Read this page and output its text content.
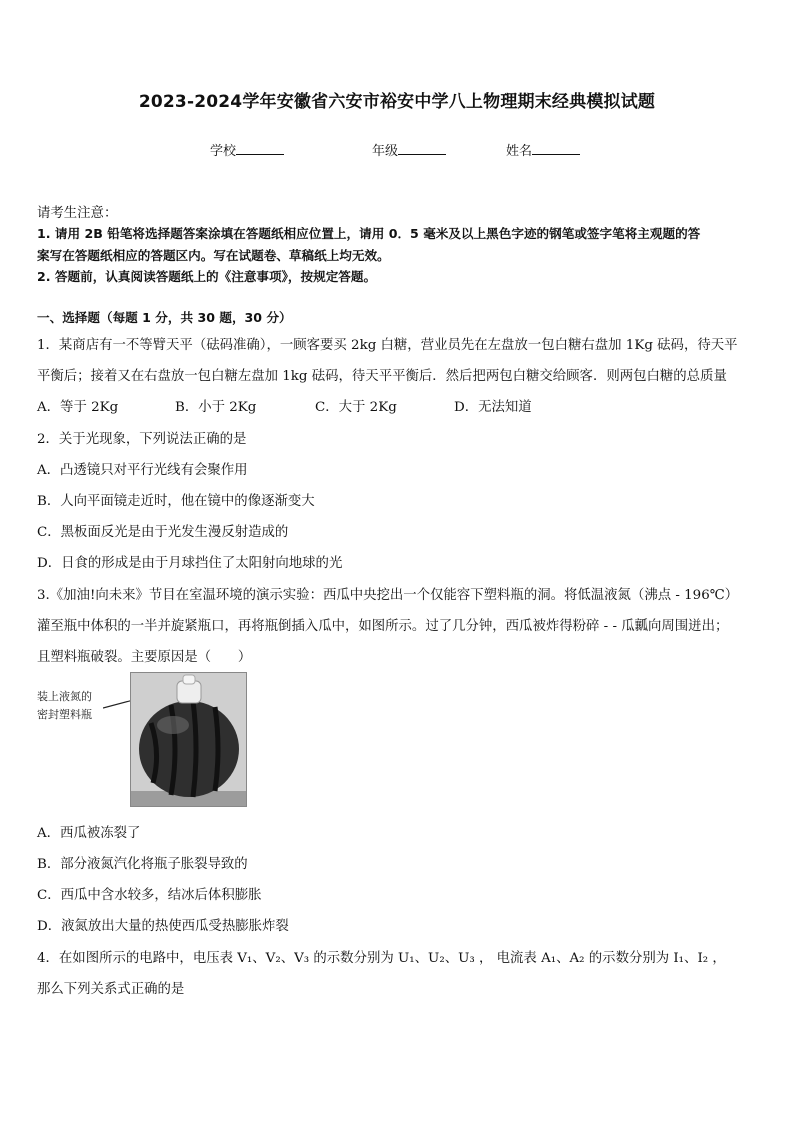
2023-2024学年安徽省六安市裕安中学八上物理期末经典模拟试题
学校	年级	姓名
请考生注意：
1. 请用 2B 铅笔将选择题答案涂填在答题纸相应位置上，请用 0．5 毫米及以上黑色字迹的钢笔或签字笔将主观题的答
案写在答题纸相应的答题区内。写在试题卷、草稿纸上均无效。
2. 答题前，认真阅读答题纸上的《注意事项》，按规定答题。
一、选择题（每题 1 分，共 30 题，30 分）
1．某商店有一不等臂天平（砝码准确），一顾客要买 2kg 白糖，营业员先在左盘放一包白糖右盘加 1Kg 砝码，待天平
平衡后；接着又在右盘放一包白糖左盘加 1kg 砝码，待天平平衡后．然后把两包白糖交给顾客．则两包白糖的总质量
A．等于 2Kg	B．小于 2Kg	C．大于 2Kg	D．无法知道
2．关于光现象，下列说法正确的是
A．凸透镜只对平行光线有会聚作用
B．人向平面镜走近时，他在镜中的像逐渐变大
C．黑板面反光是由于光发生漫反射造成的
D．日食的形成是由于月球挡住了太阳射向地球的光
3.《加油!向未来》节目在室温环境的演示实验：西瓜中央挖出一个仅能容下塑料瓶的洞。将低温液氮（沸点 - 196℃）
灌至瓶中体积的一半并旋紧瓶口，再将瓶倒插入瓜中，如图所示。过了几分钟，西瓜被炸得粉碎 - - 瓜瓤向周围迸出；
且塑料瓶破裂。主要原因是（　　）
装上液氮的
密封塑料瓶
A．西瓜被冻裂了
B．部分液氮汽化将瓶子胀裂导致的
C．西瓜中含水较多，结冰后体积膨胀
D．液氮放出大量的热使西瓜受热膨胀炸裂
4．在如图所示的电路中，电压表 V₁、V₂、V₃ 的示数分别为 U₁、U₂、U₃ ， 电流表 A₁、A₂ 的示数分别为 I₁、I₂ ，
那么下列关系式正确的是
